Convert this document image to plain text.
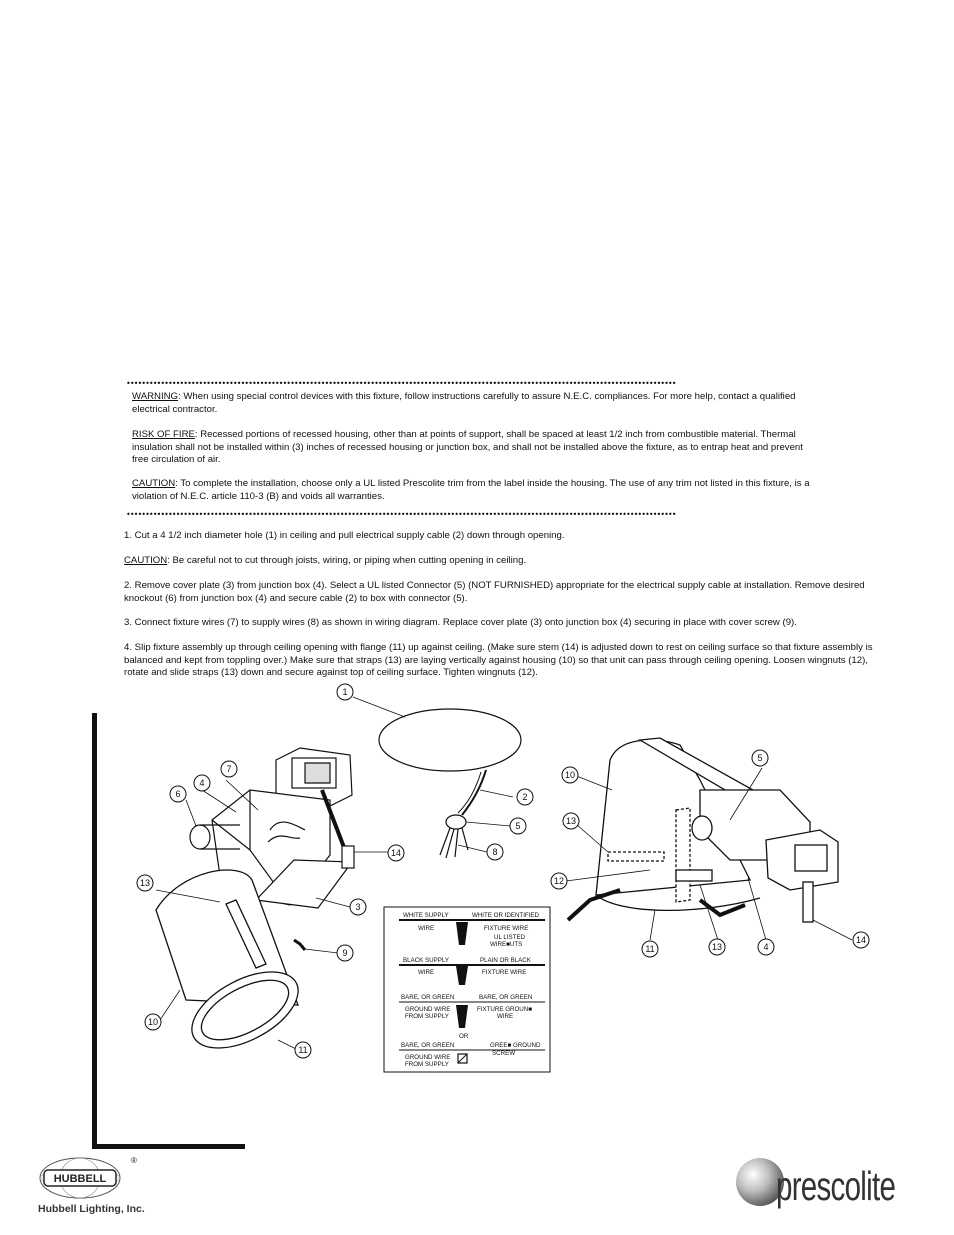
••••••••••••••••••••••••••••••••••••••••••••••••••••••••••••••••••••••••••••••••••••••••••••••••••••••••••••••••••••••••••••••••••••••••••••••••
WARNING: When using special control devices with this fixture, follow instructions carefully to assure N.E.C. compliances. For more help, contact a qualified electrical contractor.
RISK OF FIRE: Recessed portions of recessed housing, other than at points of support, shall be spaced at least 1/2 inch from combustible material. Thermal insulation shall not be installed within (3) inches of recessed housing or junction box, and shall not be installed above the fixture, as to entrap heat and prevent free circulation of air.
CAUTION: To complete the installation, choose only a UL listed Prescolite trim from the label inside the housing. The use of any trim not listed in this fixture, is a violation of N.E.C. article 110-3 (B) and voids all warranties.
••••••••••••••••••••••••••••••••••••••••••••••••••••••••••••••••••••••••••••••••••••••••••••••••••••••••••••••••••••••••••••••••••••••••••••••••
1. Cut a 4 1/2 inch diameter hole (1) in ceiling and pull electrical supply cable (2) down through opening.
CAUTION: Be careful not to cut through joists, wiring, or piping when cutting opening in ceiling.
2. Remove cover plate (3) from junction box (4). Select a UL listed Connector (5) (NOT FURNISHED) appropriate for the electrical supply cable at installation. Remove desired knockout (6) from junction box (4) and secure cable (2) to box with connector (5).
3. Connect fixture wires (7) to supply wires (8) as shown in wiring diagram. Replace cover plate (3) onto junction box (4) securing in place with cover screw (9).
4. Slip fixture assembly up through ceiling opening with flange (11) up against ceiling. (Make sure stem (14) is adjusted down to rest on ceiling surface so that fixture assembly is balanced and kept from toppling over.) Make sure that straps (13) are laying vertically against housing (10) so that unit can pass through ceiling opening. Loosen wingnuts (12), rotate and slide straps (13) down and secure against top of ceiling surface. Tighten wingnuts (12).
WHITE SUPPLY	WHITE OR IDENTIFIED
WIRE	FIXTURE WIRE
UL LISTED
WIRE■UTS
BLACK SUPPLY	PLAIN OR BLACK
WIRE	FIXTURE WIRE
BARE, OR GREEN	BARE, OR GREEN
GROUND WIRE	FIXTURE GROUN■
FROM SUPPLY	WIRE
OR
BARE, OR GREEN	GREE■ GROUND
SCREW
GROUND WIRE
FROM SUPPLY
1
2
5
8
14
3
9
7
4
6
13
10
11
10
5
13
12
11	13	4
14
HUBBELL
®
Hubbell Lighting, Inc.	prescolite
